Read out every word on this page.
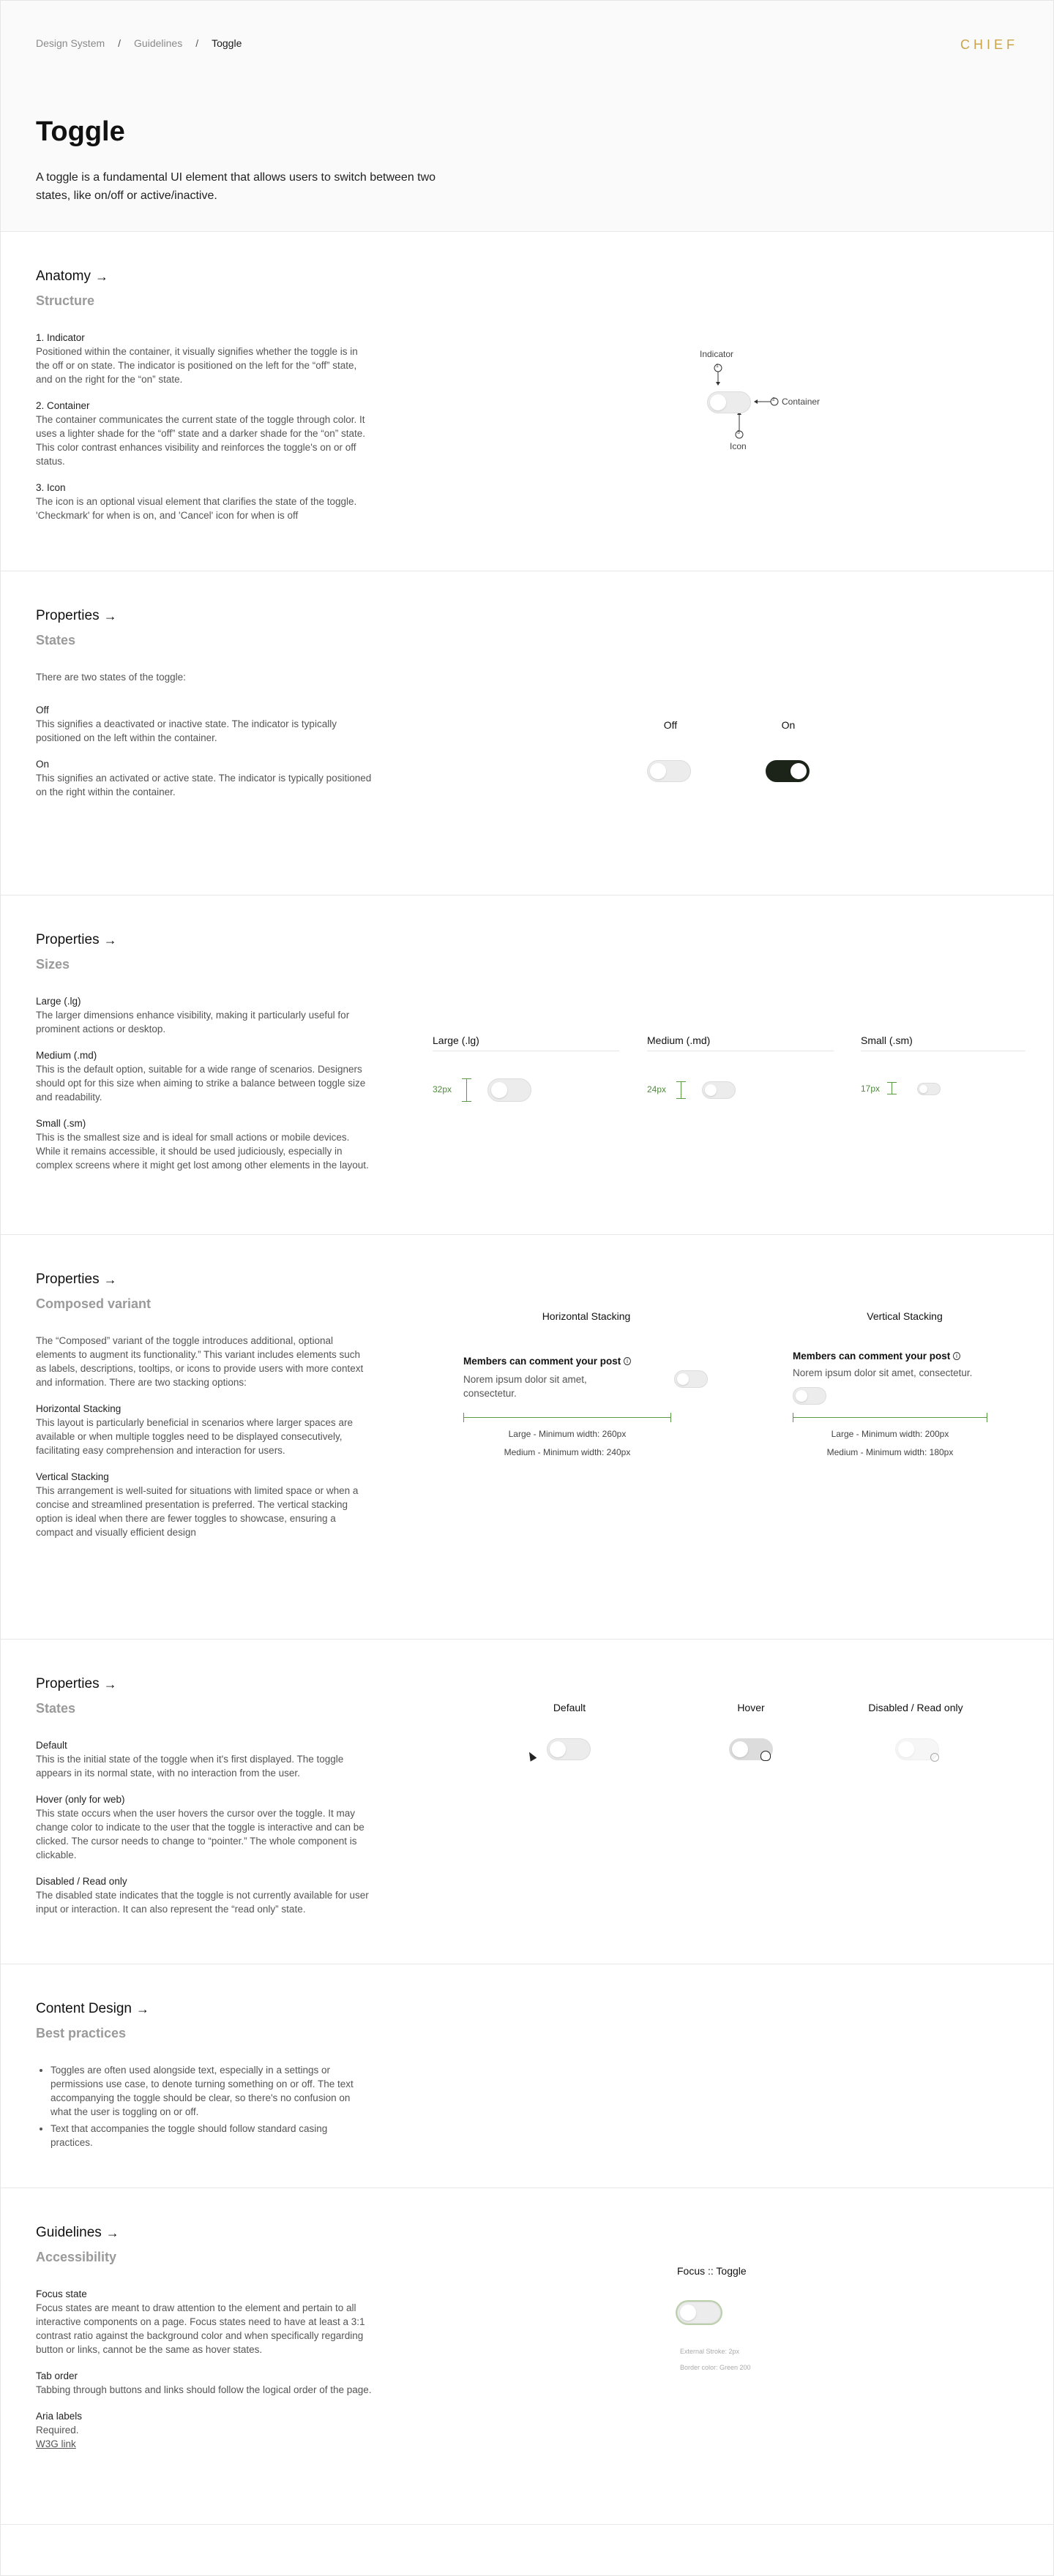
Design System / Guidelines / Toggle	CHIEF
Toggle

A toggle is a fundamental UI element that allows users to switch between two states, like on/off or active/inactive.

Anatomy →
Structure
1. Indicator
Positioned within the container, it visually signifies whether the toggle is in the off or on state. The indicator is positioned on the left for the “off” state, and on the right for the “on” state.
2. Container
The container communicates the current state of the toggle through color. It uses a lighter shade for the “off” state and a darker shade for the “on” state. This color contrast enhances visibility and reinforces the toggle's on or off status.
3. Icon
The icon is an optional visual element that clarifies the state of the toggle. 'Checkmark' for when is on, and 'Cancel' icon for when is off
Indicator
1
2
3
Container
Icon
Properties →
States
There are two states of the toggle:
Off
This signifies a deactivated or inactive state. The indicator is typically positioned on the left within the container.
On
This signifies an activated or active state. The indicator is typically positioned on the right within the container.
Off	On
Properties →
Sizes
Large (.lg)
The larger dimensions enhance visibility, making it particularly useful for prominent actions or desktop.
Medium (.md)
This is the default option, suitable for a wide range of scenarios. Designers should opt for this size when aiming to strike a balance between toggle size and readability.
Small (.sm)
This is the smallest size and is ideal for small actions or mobile devices. While it remains accessible, it should be used judiciously, especially in complex screens where it might get lost among other elements in the layout.
Large (.lg)
32px
Medium (.md)
24px
Small (.sm)
17px
Properties →
Composed variant
The “Composed” variant of the toggle introduces additional, optional elements to augment its functionality.” This variant includes elements such as labels, descriptions, tooltips, or icons to provide users with more context and information. There are two stacking options:
Horizontal Stacking
This layout is particularly beneficial in scenarios where larger spaces are available or when multiple toggles need to be displayed consecutively, facilitating easy comprehension and interaction for users.
Vertical Stacking
This arrangement is well-suited for situations with limited space or when a concise and streamlined presentation is preferred. The vertical stacking option is ideal when there are fewer toggles to showcase, ensuring a compact and visually efficient design
Horizontal Stacking
Members can comment your post i
Norem ipsum dolor sit amet, consectetur.
Large - Minimum width: 260px
Medium - Minimum width: 240px
Vertical Stacking
Members can comment your post i
Norem ipsum dolor sit amet, consectetur.
Large - Minimum width: 200px
Medium - Minimum width: 180px
Properties →
States
Default
This is the initial state of the toggle when it's first displayed. The toggle appears in its normal state, with no interaction from the user.
Hover (only for web)
This state occurs when the user hovers the cursor over the toggle. It may change color to indicate to the user that the toggle is interactive and can be clicked. The cursor needs to change to “pointer.” The whole component is clickable.
Disabled / Read only
The disabled state indicates that the toggle is not currently available for user input or interaction. It can also represent the “read only” state.
Default	Hover	Disabled / Read only
Content Design →
Best practices
• Toggles are often used alongside text, especially in a settings or permissions use case, to denote turning something on or off. The text accompanying the toggle should be clear, so there's no confusion on what the user is toggling on or off.
• Text that accompanies the toggle should follow standard casing practices.
Guidelines →
Accessibility
Focus state
Focus states are meant to draw attention to the element and pertain to all interactive components on a page. Focus states need to have at least a 3:1 contrast ratio against the background color and when specifically regarding button or links, cannot be the same as hover states.
Tab order
Tabbing through buttons and links should follow the logical order of the page.
Aria labels
Required.
W3G link
Focus :: Toggle
External Stroke: 2px
Border color: Green 200
